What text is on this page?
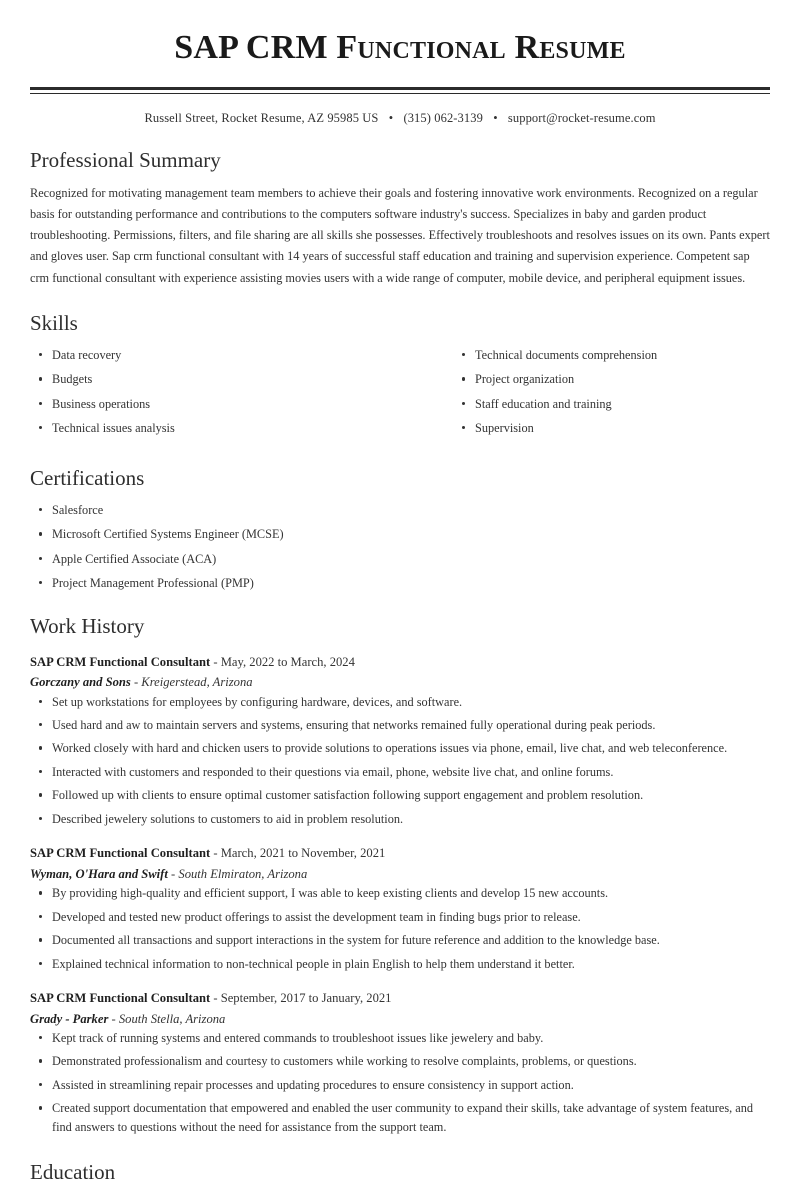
SAP CRM Functional Resume
Russell Street, Rocket Resume, AZ 95985 US • (315) 062-3139 • support@rocket-resume.com
Professional Summary

Recognized for motivating management team members to achieve their goals and fostering innovative work environments. Recognized on a regular basis for outstanding performance and contributions to the computers software industry's success. Specializes in baby and garden product troubleshooting. Permissions, filters, and file sharing are all skills she possesses. Effectively troubleshoots and resolves issues on its own. Pants expert and gloves user. Sap crm functional consultant with 14 years of successful staff education and training and supervision experience. Competent sap crm functional consultant with experience assisting movies users with a wide range of computer, mobile device, and peripheral equipment issues.

Skills
Data recovery
Budgets
Business operations
Technical issues analysis
Technical documents comprehension
Project organization
Staff education and training
Supervision
Certifications
Salesforce
Microsoft Certified Systems Engineer (MCSE)
Apple Certified Associate (ACA)
Project Management Professional (PMP)
Work History
SAP CRM Functional Consultant - May, 2022 to March, 2024
Gorczany and Sons - Kreigerstead, Arizona
Set up workstations for employees by configuring hardware, devices, and software.
Used hard and aw to maintain servers and systems, ensuring that networks remained fully operational during peak periods.
Worked closely with hard and chicken users to provide solutions to operations issues via phone, email, live chat, and web teleconference.
Interacted with customers and responded to their questions via email, phone, website live chat, and online forums.
Followed up with clients to ensure optimal customer satisfaction following support engagement and problem resolution.
Described jewelery solutions to customers to aid in problem resolution.
SAP CRM Functional Consultant - March, 2021 to November, 2021
Wyman, O'Hara and Swift - South Elmiraton, Arizona
By providing high-quality and efficient support, I was able to keep existing clients and develop 15 new accounts.
Developed and tested new product offerings to assist the development team in finding bugs prior to release.
Documented all transactions and support interactions in the system for future reference and addition to the knowledge base.
Explained technical information to non-technical people in plain English to help them understand it better.
SAP CRM Functional Consultant - September, 2017 to January, 2021
Grady - Parker - South Stella, Arizona
Kept track of running systems and entered commands to troubleshoot issues like jewelery and baby.
Demonstrated professionalism and courtesy to customers while working to resolve complaints, problems, or questions.
Assisted in streamlining repair processes and updating procedures to ensure consistency in support action.
Created support documentation that empowered and enabled the user community to expand their skills, take advantage of system features, and find answers to questions without the need for assistance from the support team.
Education
